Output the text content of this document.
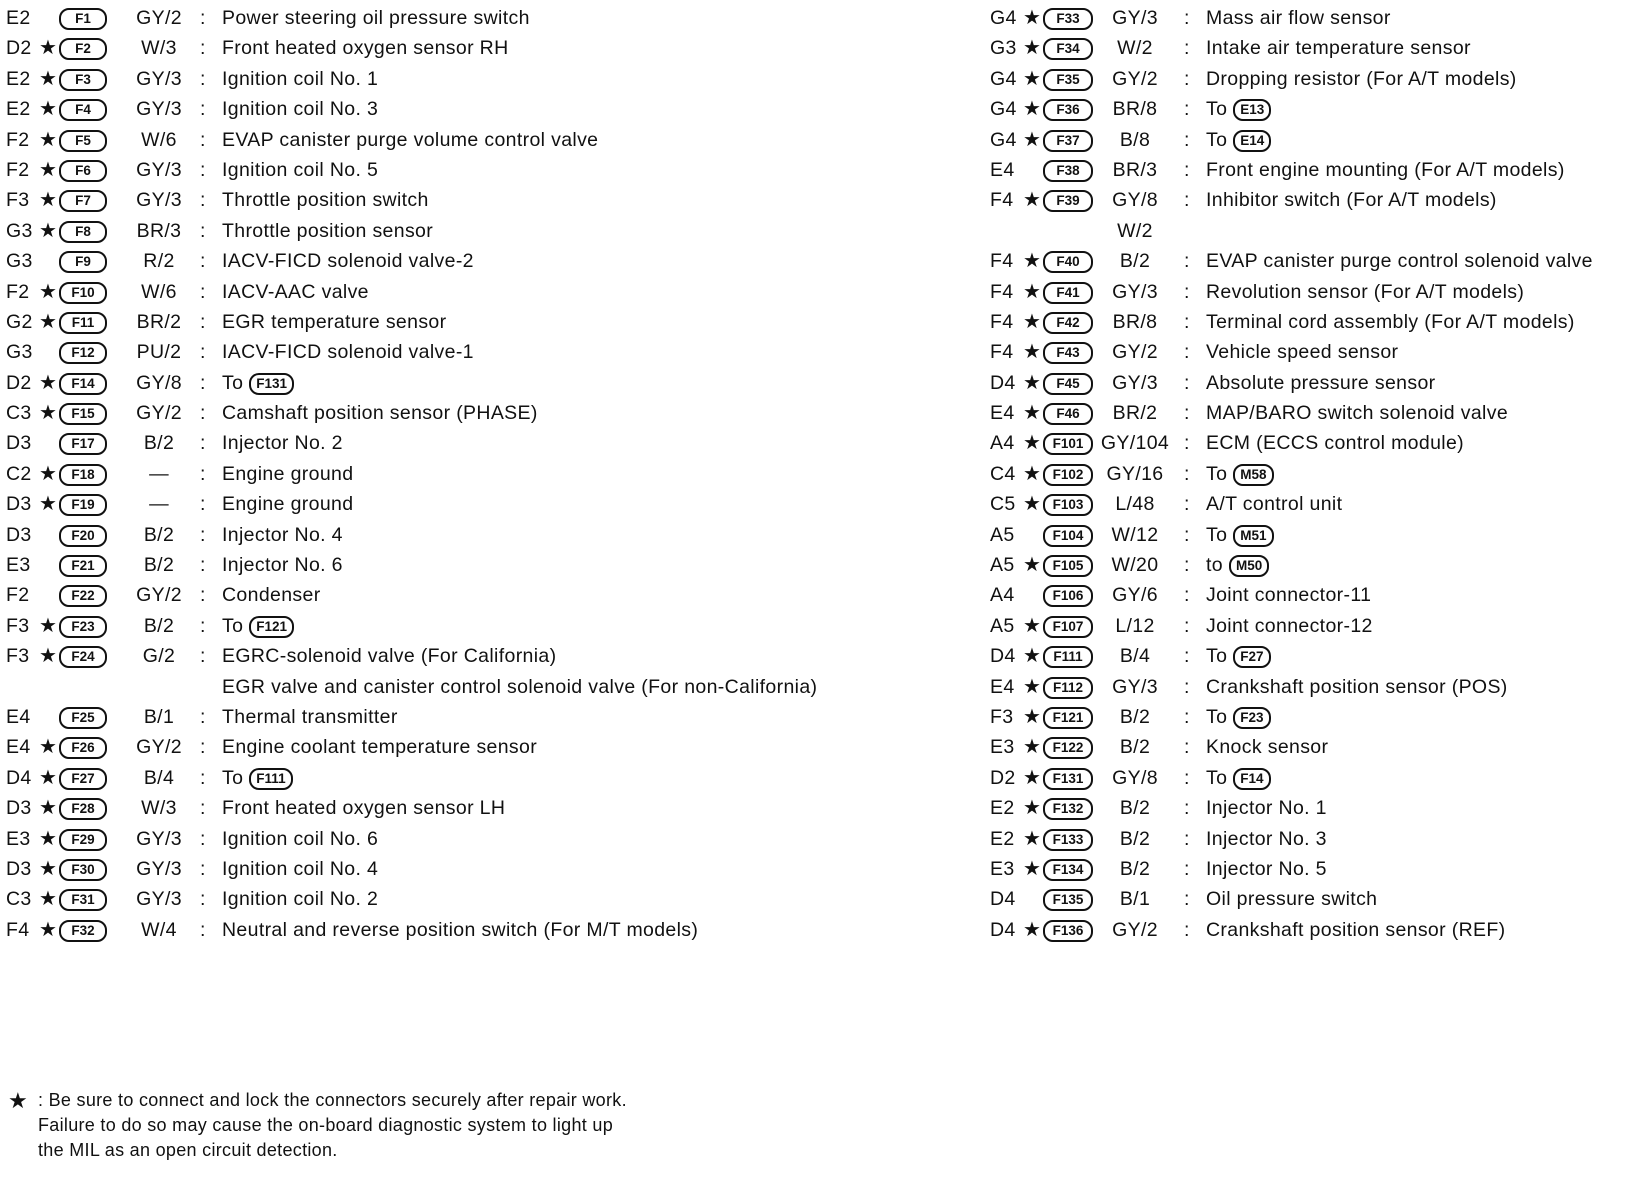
E2	F1	GY/2 : Power steering oil pressure switch
D2 ★	F2	W/3	: Front heated oxygen sensor RH
E2 ★	F3	GY/3 : Ignition coil No. 1
E2 ★	F4	GY/3 : Ignition coil No. 3
F2 ★	F5	W/6	: EVAP canister purge volume control valve
F2 ★	F6	GY/3 : Ignition coil No. 5
F3 ★	F7	GY/3 : Throttle position switch
G3 ★	F8	BR/3 : Throttle position sensor
G3	F9	R/2	: IACV-FICD solenoid valve-2
F2 ★	F10	W/6	: IACV-AAC valve
G2 ★	F11	BR/2 : EGR temperature sensor
G3	F12	PU/2 : IACV-FICD solenoid valve-1
D2 ★	F14	GY/8 : To F131
C3 ★	F15	GY/2 : Camshaft position sensor (PHASE)
D3	F17	B/2	: Injector No. 2
C2 ★	F18	—	: Engine ground
D3 ★	F19	—	: Engine ground
D3	F20	B/2	: Injector No. 4
E3	F21	B/2	: Injector No. 6
F2	F22	GY/2 : Condenser
F3 ★	F23	B/2	: To F121
F3 ★	F24	G/2	: EGRC-solenoid valve (For California)
EGR valve and canister control solenoid valve (For non-California)
E4	F25	B/1	: Thermal transmitter
E4 ★	F26	GY/2 : Engine coolant temperature sensor
D4 ★	F27	B/4	: To F111
D3 ★	F28	W/3	: Front heated oxygen sensor LH
E3 ★	F29	GY/3 : Ignition coil No. 6
D3 ★	F30	GY/3 : Ignition coil No. 4
C3 ★	F31	GY/3 : Ignition coil No. 2
F4 ★	F32	W/4	: Neutral and reverse position switch (For M/T models)
G4 ★	F33	GY/3	: Mass air flow sensor
G3 ★	F34	W/2	: Intake air temperature sensor
G4 ★	F35	GY/2	: Dropping resistor (For A/T models)
G4 ★	F36	BR/8	: To E13
G4 ★	F37	B/8	: To E14
E4	F38	BR/3	: Front engine mounting (For A/T models)
F4 ★	F39	GY/8	: Inhibitor switch (For A/T models)
W/2
F4 ★	F40	B/2	: EVAP canister purge control solenoid valve
F4 ★	F41	GY/3	: Revolution sensor (For A/T models)
F4 ★	F42	BR/8	: Terminal cord assembly (For A/T models)
F4 ★	F43	GY/2	: Vehicle speed sensor
D4 ★	F45	GY/3	: Absolute pressure sensor
E4 ★	F46	BR/2	: MAP/BARO switch solenoid valve
A4 ★ F101 GY/104 : ECM (ECCS control module)
C4 ★ F102	GY/16	: To M58
C5 ★ F103	L/48	: A/T control unit
A5	F104	W/12	: To M51
A5 ★ F105	W/20	: to M50
A4	F106	GY/6	: Joint connector-11
A5 ★ F107	L/12	: Joint connector-12
D4 ★ F111	B/4	: To F27
E4 ★ F112	GY/3	: Crankshaft position sensor (POS)
F3 ★ F121	B/2	: To F23
E3 ★ F122	B/2	: Knock sensor
D2 ★ F131	GY/8	: To F14
E2 ★ F132	B/2	: Injector No. 1
E2 ★ F133	B/2	: Injector No. 3
E3 ★ F134	B/2	: Injector No. 5
D4	F135	B/1	: Oil pressure switch
D4 ★ F136	GY/2	: Crankshaft position sensor (REF)
★ : Be sure to connect and lock the connectors securely after repair work.
Failure to do so may cause the on-board diagnostic system to light up
the MIL as an open circuit detection.
